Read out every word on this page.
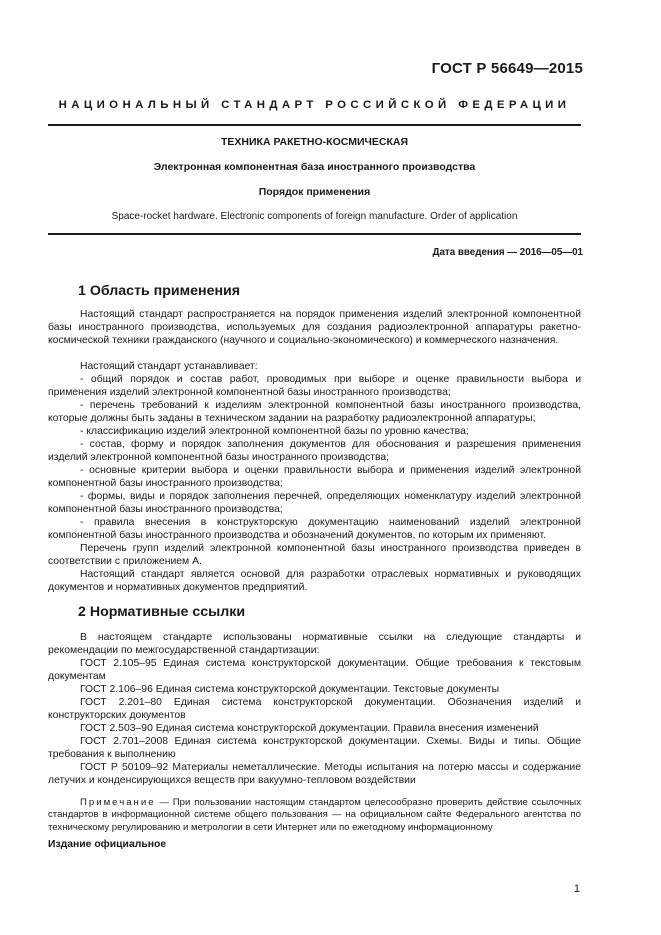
ГОСТ Р 56649—2015
НАЦИОНАЛЬНЫЙ СТАНДАРТ РОССИЙСКОЙ ФЕДЕРАЦИИ
ТЕХНИКА РАКЕТНО-КОСМИЧЕСКАЯ
Электронная компонентная база иностранного производства
Порядок применения
Space-rocket hardware. Electronic components of foreign manufacture. Order of application
Дата введения — 2016—05—01
1 Область применения

Настоящий стандарт распространяется на порядок применения изделий электронной компонентной базы иностранного производства, используемых для создания радиоэлектронной аппаратуры ракетно-космической техники гражданского (научного и социально-экономического) и коммерческого назначения.

Настоящий стандарт устанавливает:

- общий порядок и состав работ, проводимых при выборе и оценке правильности выбора и применения изделий электронной компонентной базы иностранного производства;

- перечень требований к изделиям электронной компонентной базы иностранного производства, которые должны быть заданы в техническом задании на разработку радиоэлектронной аппаратуры;

- классификацию изделий электронной компонентной базы по уровню качества;

- состав, форму и порядок заполнения документов для обоснования и разрешения применения изделий электронной компонентной базы иностранного производства;

- основные критерии выбора и оценки правильности выбора и применения изделий электронной компонентной базы иностранного производства;

- формы, виды и порядок заполнения перечней, определяющих номенклатуру изделий электронной компонентной базы иностранного производства;

- правила внесения в конструкторскую документацию наименований изделий электронной компонентной базы иностранного производства и обозначений документов, по которым их применяют.

Перечень групп изделий электронной компонентной базы иностранного производства приведен в соответствии с приложением А.

Настоящий стандарт является основой для разработки отраслевых нормативных и руководящих документов и нормативных документов предприятий.

2 Нормативные ссылки

В настоящем стандарте использованы нормативные ссылки на следующие стандарты и рекомендации по межгосударственной стандартизации:

ГОСТ 2.105–95 Единая система конструкторской документации. Общие требования к текстовым документам

ГОСТ 2.106–96 Единая система конструкторской документации. Текстовые документы

ГОСТ 2.201–80 Единая система конструкторской документации. Обозначения изделий и конструкторских документов

ГОСТ 2.503–90 Единая система конструкторской документации. Правила внесения изменений

ГОСТ 2.701–2008 Единая система конструкторской документации. Схемы. Виды и типы. Общие требования к выполнению

ГОСТ Р 50109–92 Материалы неметаллические. Методы испытания на потерю массы и содержание летучих и конденсирующихся веществ при вакуумно-тепловом воздействии

Примечание — При пользовании настоящим стандартом целесообразно проверить действие ссылочных стандартов в информационной системе общего пользования — на официальном сайте Федерального агентства по техническому регулированию и метрологии в сети Интернет или по ежегодному информационному

Издание официальное
1
